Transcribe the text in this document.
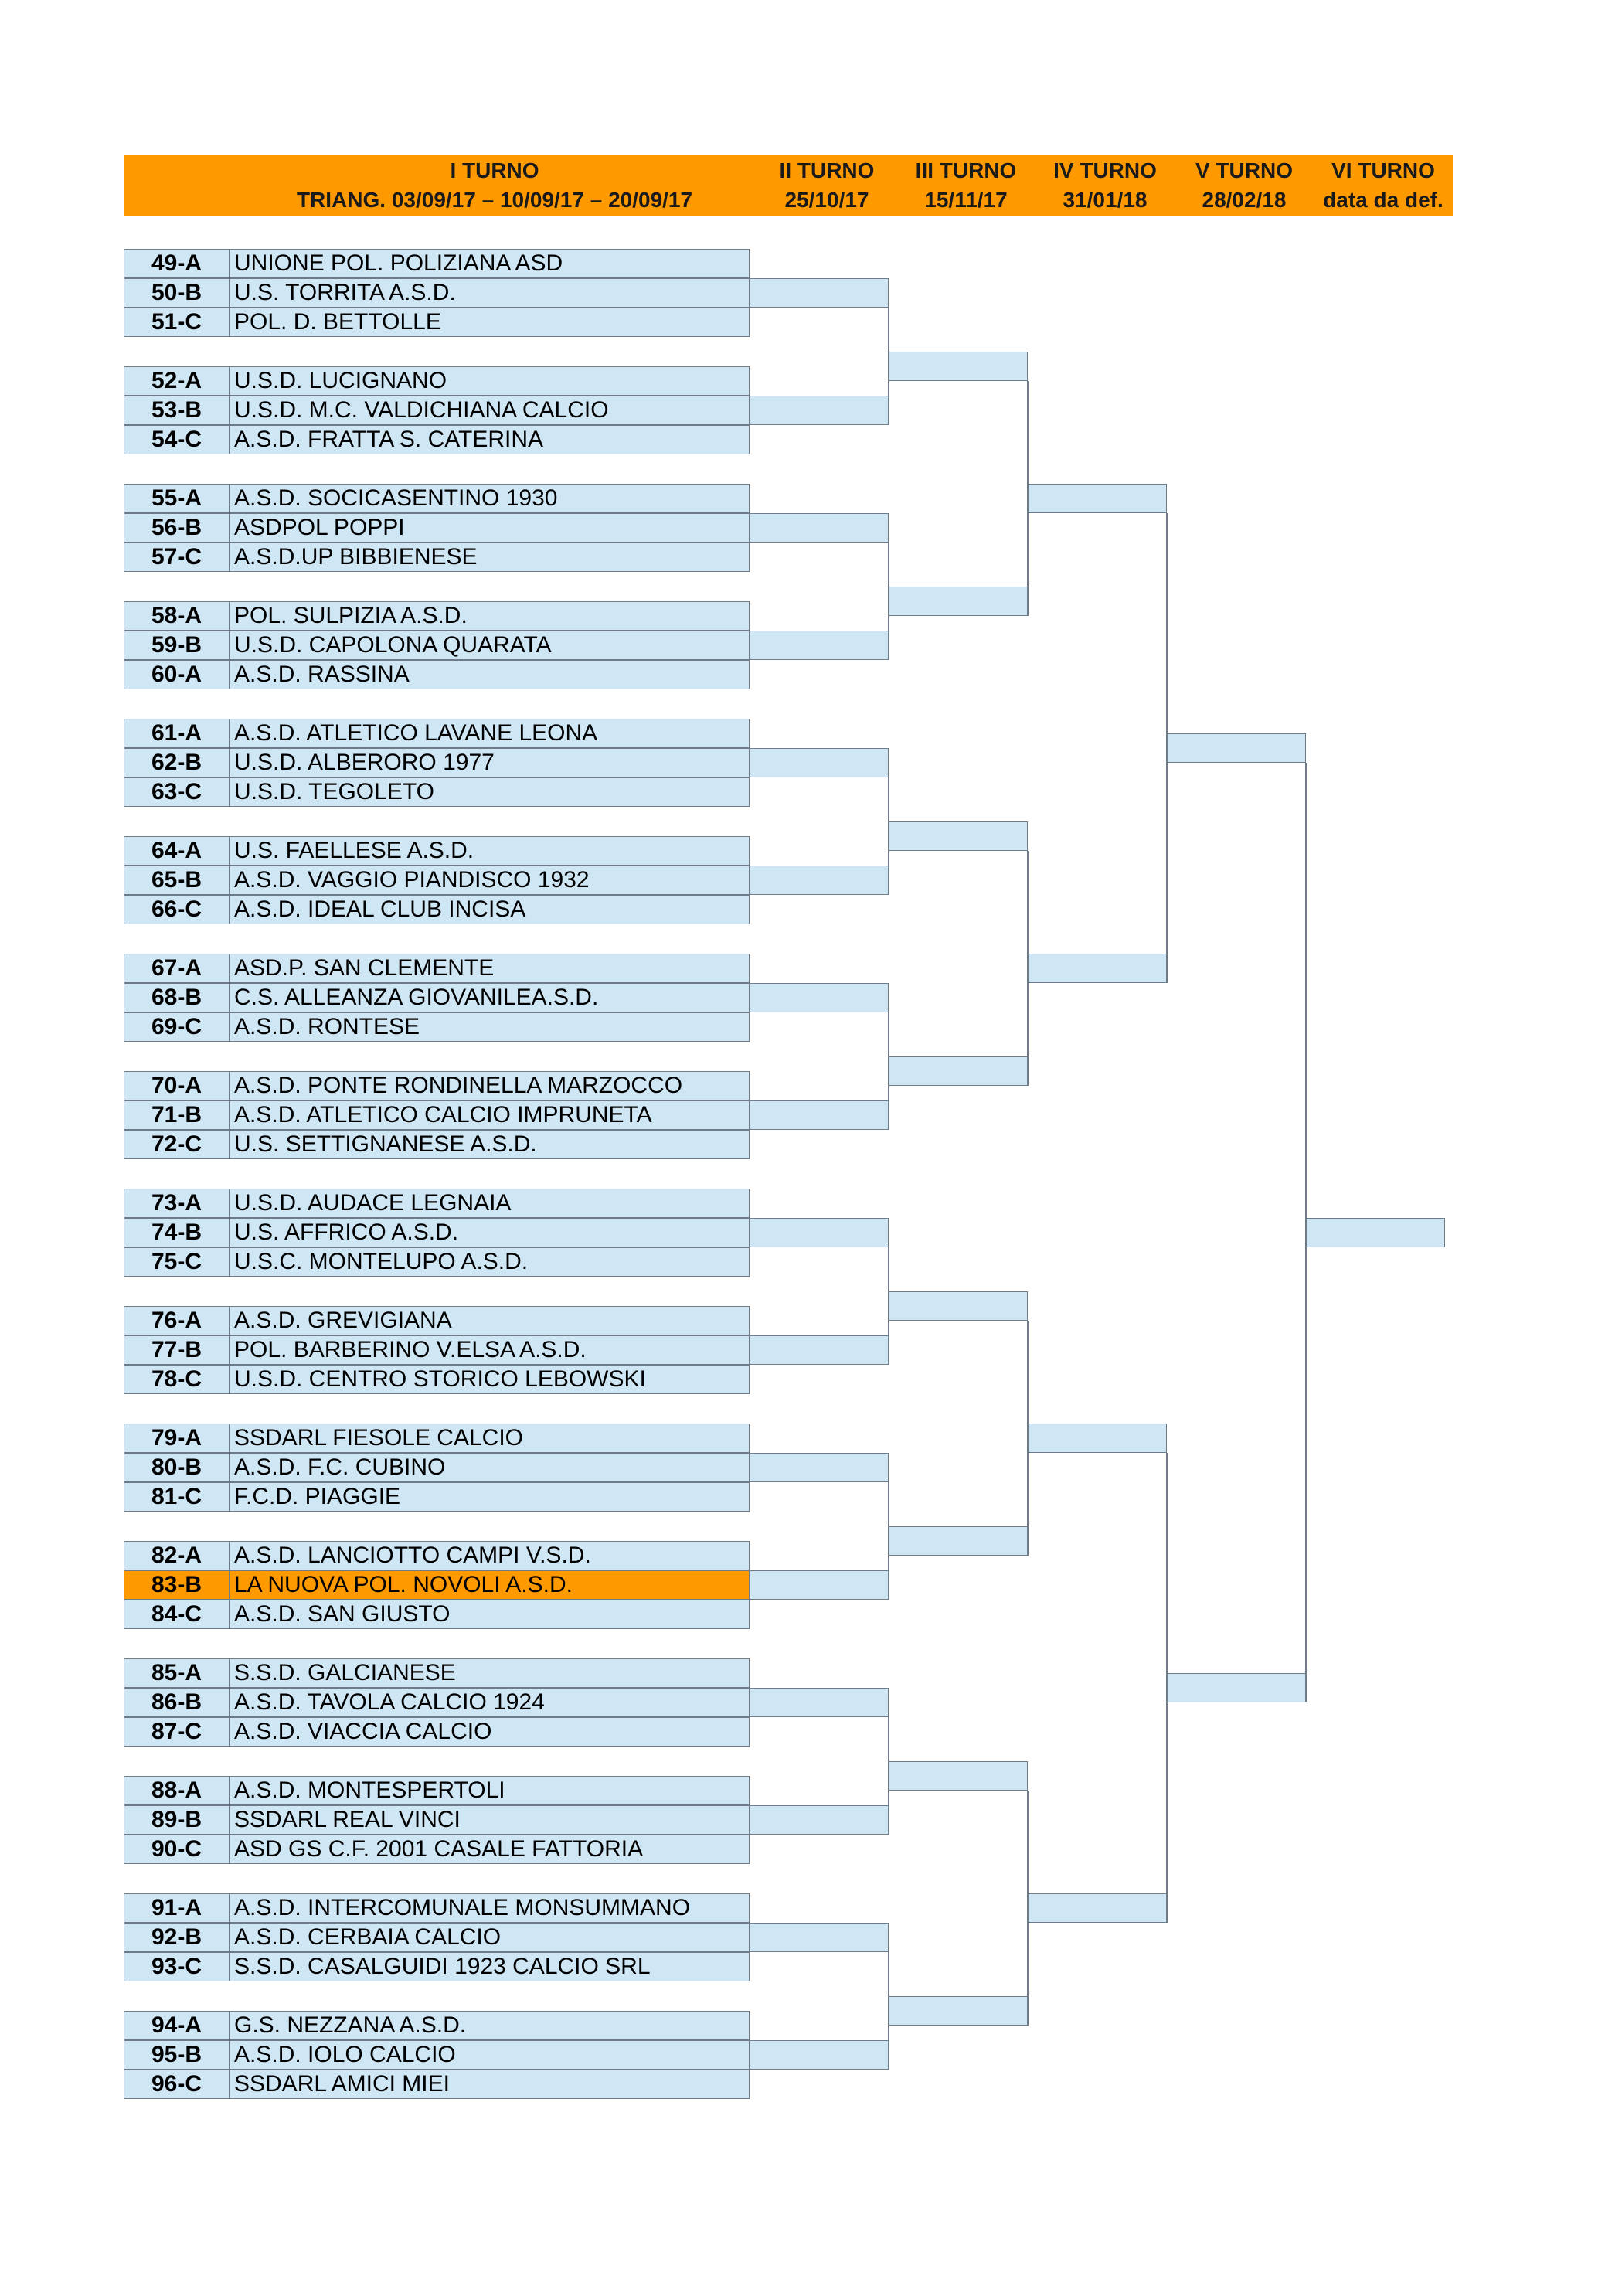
I TURNO
TRIANG. 03/09/17 – 10/09/17 – 20/09/17
II TURNO
25/10/17
III TURNO
15/11/17
IV TURNO
31/01/18
V TURNO
28/02/18
VI TURNO
data da def.
49-A	UNIONE POL. POLIZIANA ASD
50-B	U.S. TORRITA A.S.D.
51-C	POL. D. BETTOLLE
52-A	U.S.D. LUCIGNANO
53-B	U.S.D. M.C. VALDICHIANA CALCIO
54-C	A.S.D. FRATTA S. CATERINA
55-A	A.S.D. SOCICASENTINO 1930
56-B	ASDPOL POPPI
57-C	A.S.D.UP BIBBIENESE
58-A	POL. SULPIZIA A.S.D.
59-B	U.S.D. CAPOLONA QUARATA
60-A	A.S.D. RASSINA
61-A	A.S.D. ATLETICO LAVANE LEONA
62-B	U.S.D. ALBERORO 1977
63-C	U.S.D. TEGOLETO
64-A	U.S. FAELLESE A.S.D.
65-B	A.S.D. VAGGIO PIANDISCO 1932
66-C	A.S.D. IDEAL CLUB INCISA
67-A	ASD.P. SAN CLEMENTE
68-B	C.S. ALLEANZA GIOVANILEA.S.D.
69-C	A.S.D. RONTESE
70-A	A.S.D. PONTE RONDINELLA MARZOCCO
71-B	A.S.D. ATLETICO CALCIO IMPRUNETA
72-C	U.S. SETTIGNANESE A.S.D.
73-A	U.S.D. AUDACE LEGNAIA
74-B	U.S. AFFRICO A.S.D.
75-C	U.S.C. MONTELUPO A.S.D.
76-A	A.S.D. GREVIGIANA
77-B	POL. BARBERINO V.ELSA A.S.D.
78-C	U.S.D. CENTRO STORICO LEBOWSKI
79-A	SSDARL FIESOLE CALCIO
80-B	A.S.D. F.C. CUBINO
81-C	F.C.D. PIAGGIE
82-A	A.S.D. LANCIOTTO CAMPI V.S.D.
83-B	LA NUOVA POL. NOVOLI A.S.D.
84-C	A.S.D. SAN GIUSTO
85-A	S.S.D. GALCIANESE
86-B	A.S.D. TAVOLA CALCIO 1924
87-C	A.S.D. VIACCIA CALCIO
88-A	A.S.D. MONTESPERTOLI
89-B	SSDARL REAL VINCI
90-C	ASD GS C.F. 2001 CASALE FATTORIA
91-A	A.S.D. INTERCOMUNALE MONSUMMANO
92-B	A.S.D. CERBAIA CALCIO
93-C	S.S.D. CASALGUIDI 1923 CALCIO SRL
94-A	G.S. NEZZANA A.S.D.
95-B	A.S.D. IOLO CALCIO
96-C	SSDARL AMICI MIEI
